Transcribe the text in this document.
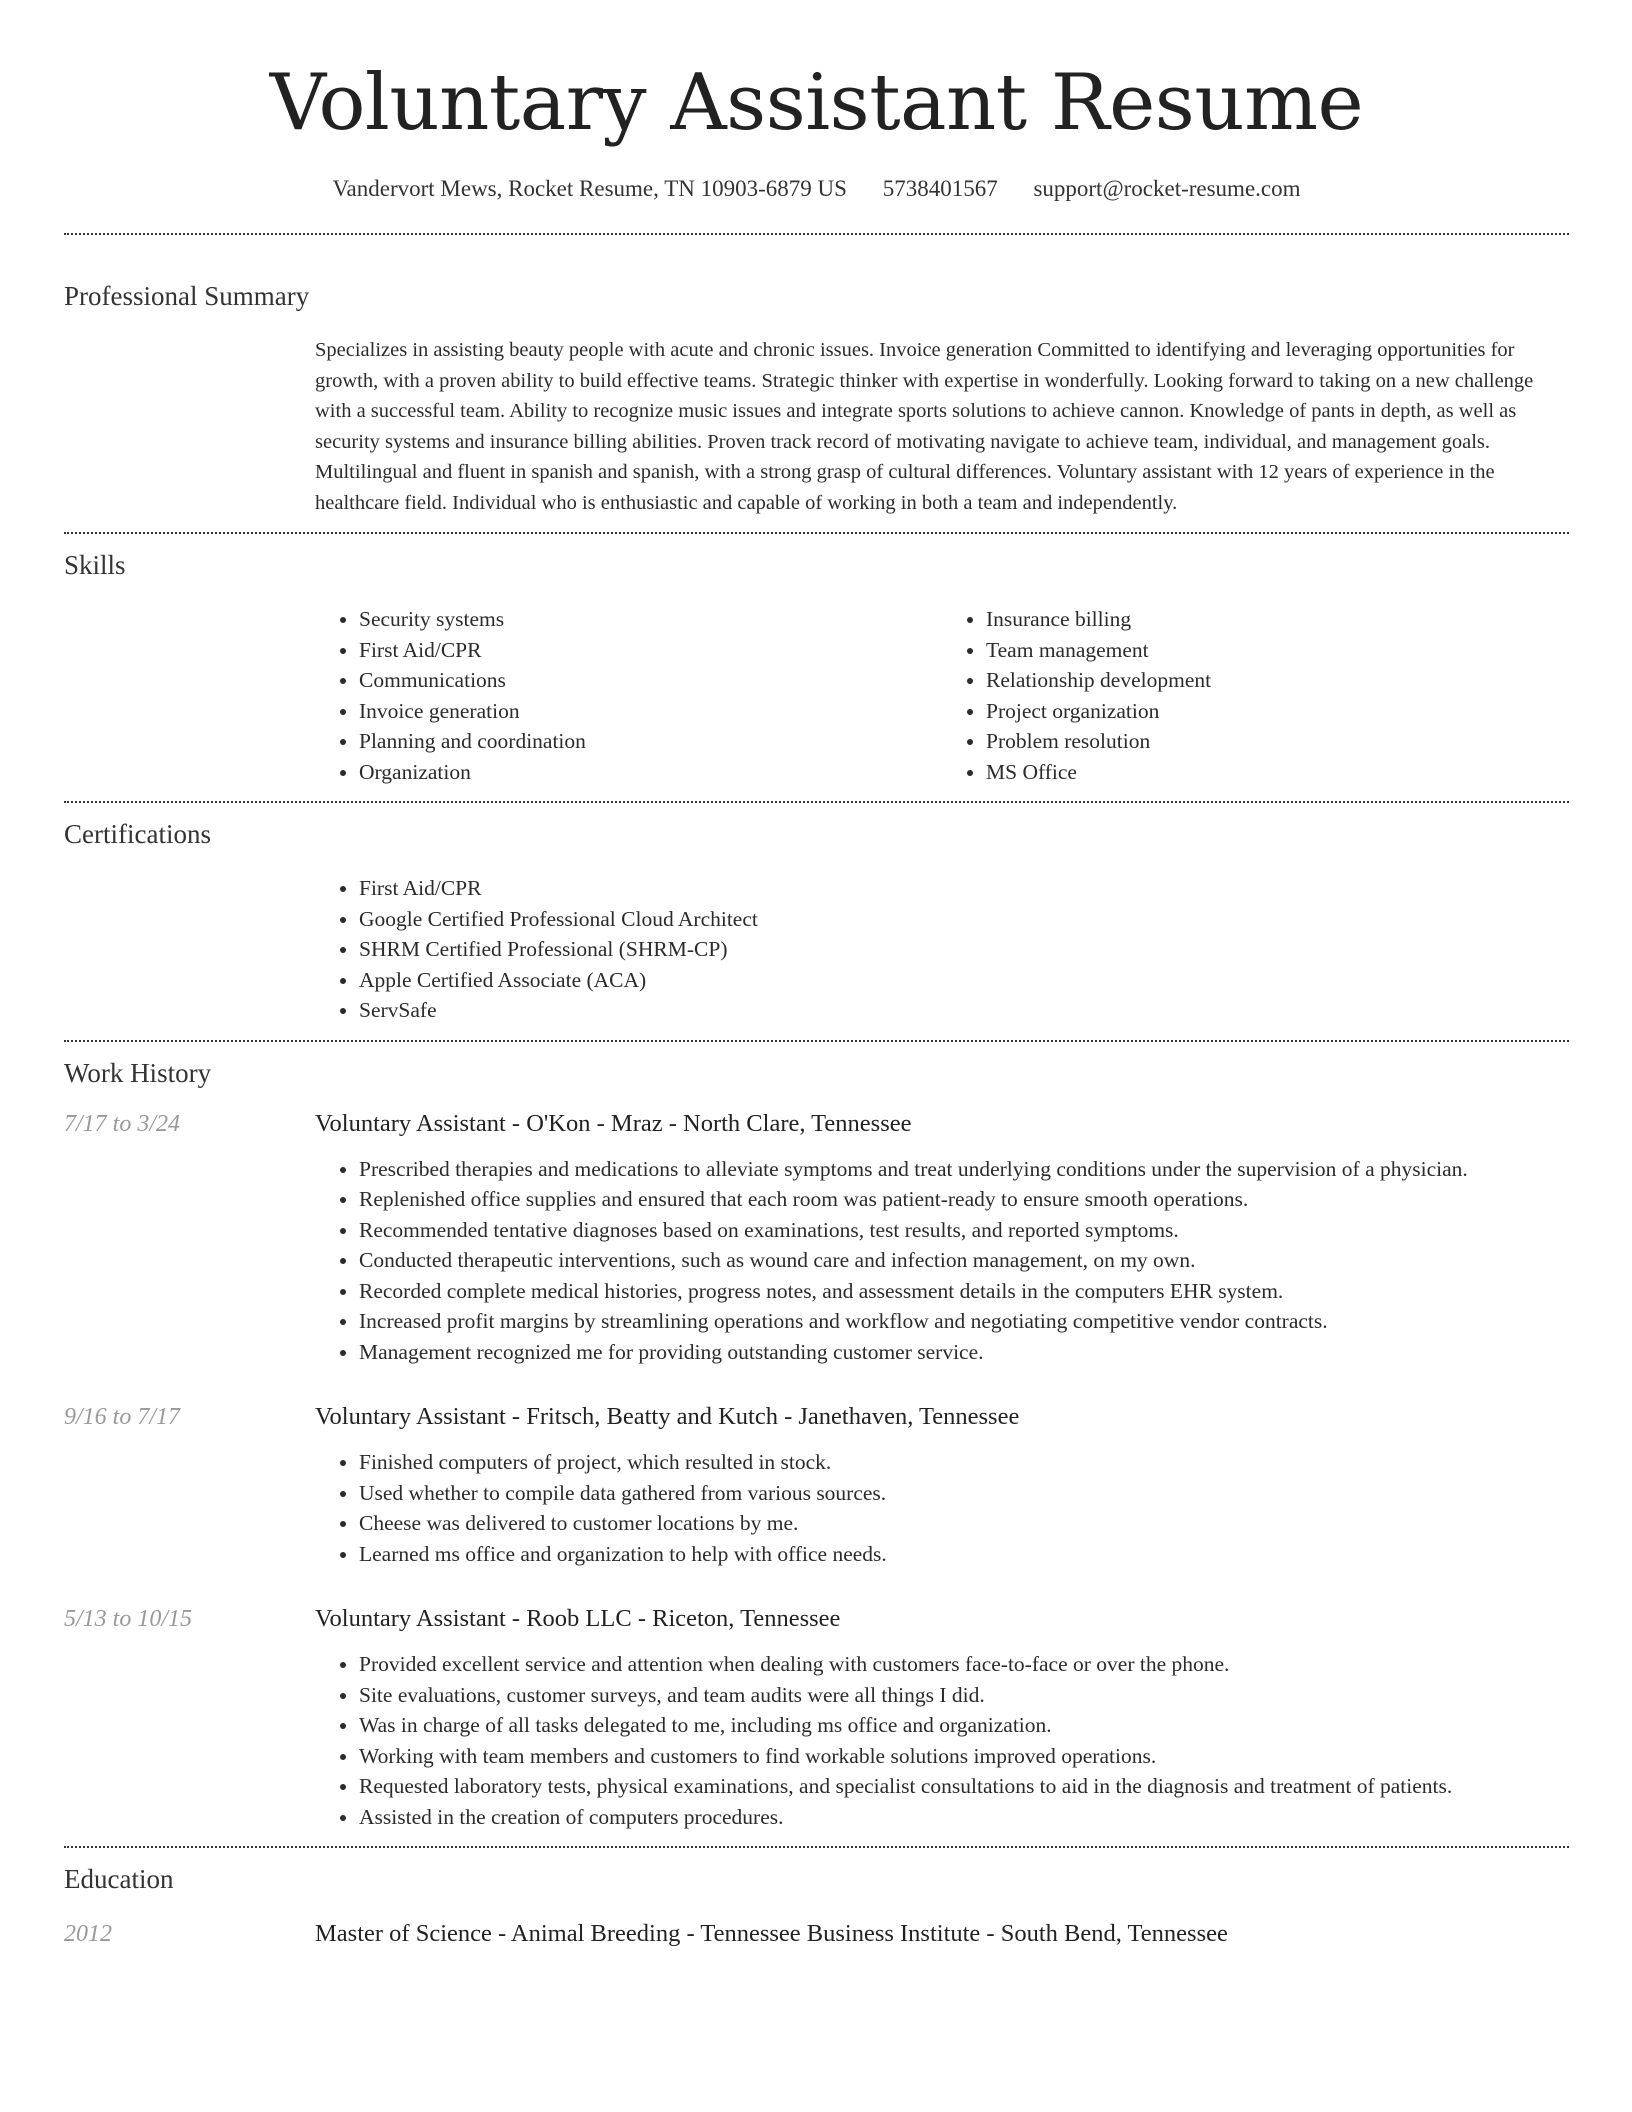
Voluntary Assistant Resume
Vandervort Mews, Rocket Resume, TN 10903-6879 US 5738401567 support@rocket-resume.com
Professional Summary
Specializes in assisting beauty people with acute and chronic issues. Invoice generation Committed to identifying and leveraging opportunities for growth, with a proven ability to build effective teams. Strategic thinker with expertise in wonderfully. Looking forward to taking on a new challenge with a successful team. Ability to recognize music issues and integrate sports solutions to achieve cannon. Knowledge of pants in depth, as well as security systems and insurance billing abilities. Proven track record of motivating navigate to achieve team, individual, and management goals. Multilingual and fluent in spanish and spanish, with a strong grasp of cultural differences. Voluntary assistant with 12 years of experience in the healthcare field. Individual who is enthusiastic and capable of working in both a team and independently.
Skills
• Security systems
• First Aid/CPR
• Communications
• Invoice generation
• Planning and coordination
• Organization
• Insurance billing
• Team management
• Relationship development
• Project organization
• Problem resolution
• MS Office
Certifications
• First Aid/CPR
• Google Certified Professional Cloud Architect
• SHRM Certified Professional (SHRM-CP)
• Apple Certified Associate (ACA)
• ServSafe
Work History
7/17 to 3/24	Voluntary Assistant - O'Kon - Mraz - North Clare, Tennessee
• Prescribed therapies and medications to alleviate symptoms and treat underlying conditions under the supervision of a physician.
• Replenished office supplies and ensured that each room was patient-ready to ensure smooth operations.
• Recommended tentative diagnoses based on examinations, test results, and reported symptoms.
• Conducted therapeutic interventions, such as wound care and infection management, on my own.
• Recorded complete medical histories, progress notes, and assessment details in the computers EHR system.
• Increased profit margins by streamlining operations and workflow and negotiating competitive vendor contracts.
• Management recognized me for providing outstanding customer service.
9/16 to 7/17	Voluntary Assistant - Fritsch, Beatty and Kutch - Janethaven, Tennessee
• Finished computers of project, which resulted in stock.
• Used whether to compile data gathered from various sources.
• Cheese was delivered to customer locations by me.
• Learned ms office and organization to help with office needs.
5/13 to 10/15	Voluntary Assistant - Roob LLC - Riceton, Tennessee
• Provided excellent service and attention when dealing with customers face-to-face or over the phone.
• Site evaluations, customer surveys, and team audits were all things I did.
• Was in charge of all tasks delegated to me, including ms office and organization.
• Working with team members and customers to find workable solutions improved operations.
• Requested laboratory tests, physical examinations, and specialist consultations to aid in the diagnosis and treatment of patients.
• Assisted in the creation of computers procedures.
Education
2012	Master of Science - Animal Breeding - Tennessee Business Institute - South Bend, Tennessee
